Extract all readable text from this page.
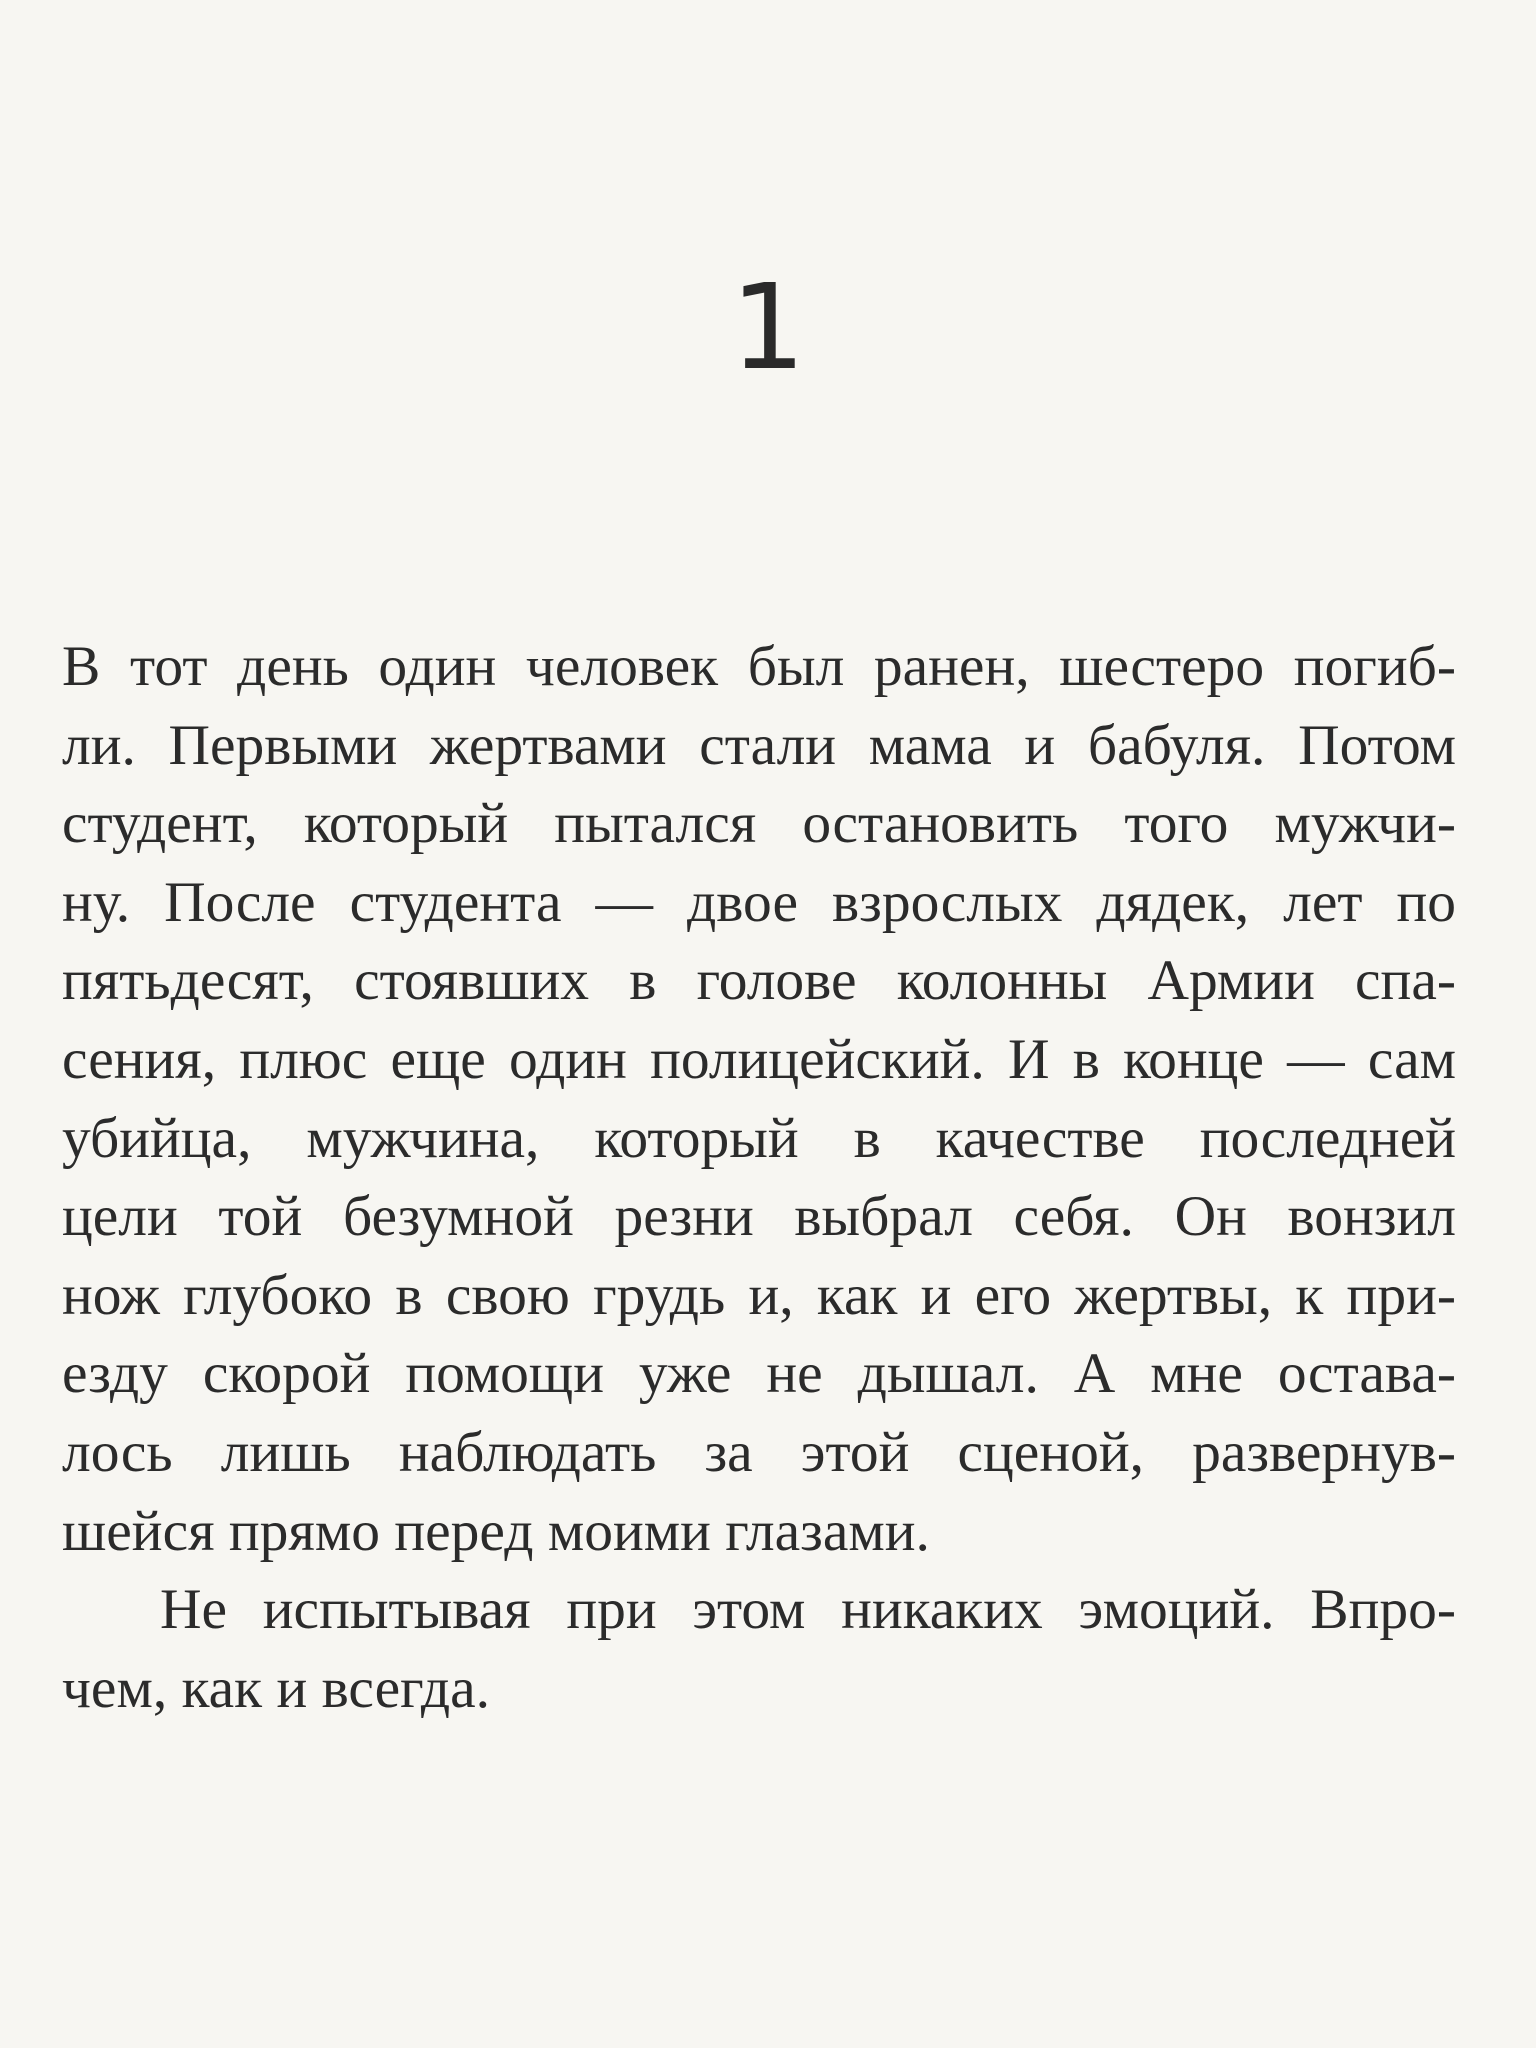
1
В тот день один человек был ранен, шестеро погиб-
ли. Первыми жертвами стали мама и бабуля. Потом
студент, который пытался остановить того мужчи-
ну. После студента — двое взрослых дядек, лет по
пятьдесят, стоявших в голове колонны Армии спа-
сения, плюс еще один полицейский. И в конце — сам
убийца, мужчина, который в качестве последней
цели той безумной резни выбрал себя. Он вонзил
нож глубоко в свою грудь и, как и его жертвы, к при-
езду скорой помощи уже не дышал. А мне остава-
лось лишь наблюдать за этой сценой, развернув-
шейся прямо перед моими глазами.
Не испытывая при этом никаких эмоций. Впро-
чем, как и всегда.
